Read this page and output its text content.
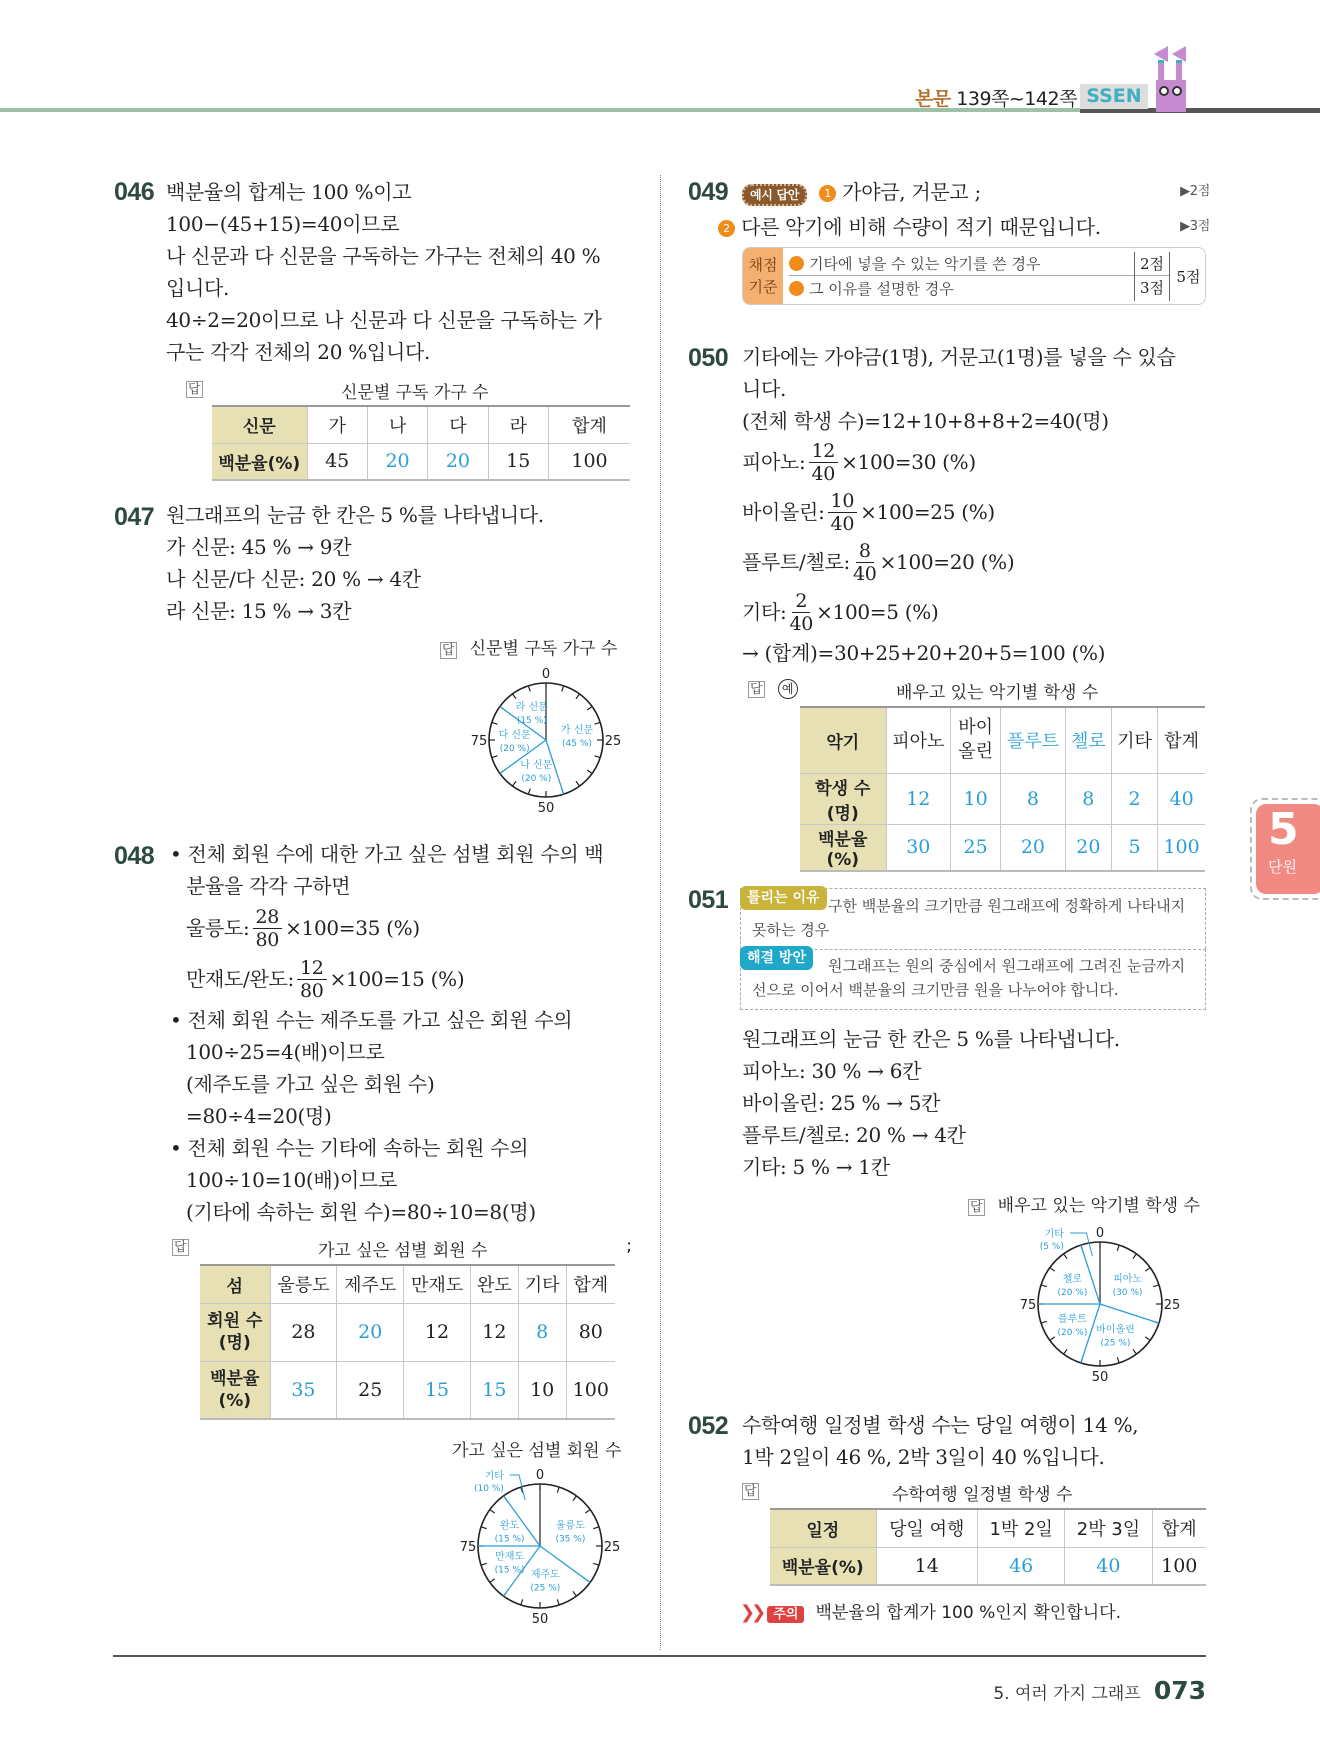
본문 139쪽~142쪽 SSEN
046 백분율의 합계는 100 %이고
100−(45+15)=40이므로
나 신문과 다 신문을 구독하는 가구는 전체의 40 %
입니다.
40÷2=20이므로 나 신문과 다 신문을 구독하는 가
구는 각각 전체의 20 %입니다.
답	신문별 구독 가구 수
신문	가	나	다	라	합계
백분율(%)	45	20	20	15	100
047 원그래프의 눈금 한 칸은 5 %를 나타냅니다.
가 신문: 45 % → 9칸
나 신문/다 신문: 20 % → 4칸
라 신문: 15 % → 3칸
답 신문별 구독 가구 수
0
25
50
75
가 신문
(45 %)
나 신문
(20 %)
다 신문
(20 %)
라 신문
(15 %)
048 • 전체 회원 수에 대한 가고 싶은 섬별 회원 수의 백
분율을 각각 구하면
울릉도: $\frac{28}{80} \times 100=35$ (%)
만재도/완도: $\frac{12}{80} \times 100=15$ (%)
• 전체 회원 수는 제주도를 가고 싶은 회원 수의
100÷25=4(배)이므로
(제주도를 가고 싶은 회원 수)
=80÷4=20(명)
• 전체 회원 수는 기타에 속하는 회원 수의
100÷10=10(배)이므로
(기타에 속하는 회원 수)=80÷10=8(명)
답	가고 싶은 섬별 회원 수	;
섬	울릉도	제주도	만재도	완도	기타	합계
회원 수 (명)	28	20	12	12	8	80
백분율 (%)	35	25	15	15	10	100
가고 싶은 섬별 회원 수
0
25
50
75
울릉도
(35 %)
제주도
(25 %)
만재도
(15 %)
완도
(15 %)
기타
(10 %)
049	예시 답안 1 가야금, 거문고 ;	▶2점
2 다른 악기에 비해 수량이 적기 때문입니다.	▶3점
채점
기준
기타에 넣을 수 있는 악기를 쓴 경우
그 이유를 설명한 경우
2점
3점
5점
050 기타에는 가야금(1명), 거문고(1명)를 넣을 수 있습
니다.
(전체 학생 수)=12+10+8+8+2=40(명)
피아노: $\frac{12}{40} \times 100=30$ (%)
바이올린: $\frac{10}{40} \times 100=25$ (%)
플루트/첼로: $\frac{8}{40} \times 100=20$ (%)
기타: $\frac{2}{40} \times 100=5$ (%)
→ (합계)=30+25+20+20+5=100 (%)
답 예	배우고 있는 악기별 학생 수
악기	피아노	바이 올린	플루트	첼로	기타	합계
학생 수(명)	12	10	8	8	2	40
백분율(%)	30	25	20	20	5	100 5
단원
051	틀리는 이유 구한 백분율의 크기만큼 원그래프에 정확하게 나타내지
못하는 경우
해결 방안	원그래프는 원의 중심에서 원그래프에 그려진 눈금까지
선으로 이어서 백분율의 크기만큼 원을 나누어야 합니다.
원그래프의 눈금 한 칸은 5 %를 나타냅니다.
피아노: 30 % → 6칸
바이올린: 25 % → 5칸
플루트/첼로: 20 % → 4칸
기타: 5 % → 1칸
답 배우고 있는 악기별 학생 수
0
25
50
75
피아노
(30 %)
바이올린
(25 %)
플루트
(20 %)
첼로
(20 %)
기타
(5 %)
052 수학여행 일정별 학생 수는 당일 여행이 14 %,
1박 2일이 46 %, 2박 3일이 40 %입니다.
답	수학여행 일정별 학생 수
일정	당일 여행	1박 2일	2박 3일	합계
백분율(%)	14	46	40	100
❯❯ 주의 백분율의 합계가 100 %인지 확인합니다.
5. 여러 가지 그래프 073
